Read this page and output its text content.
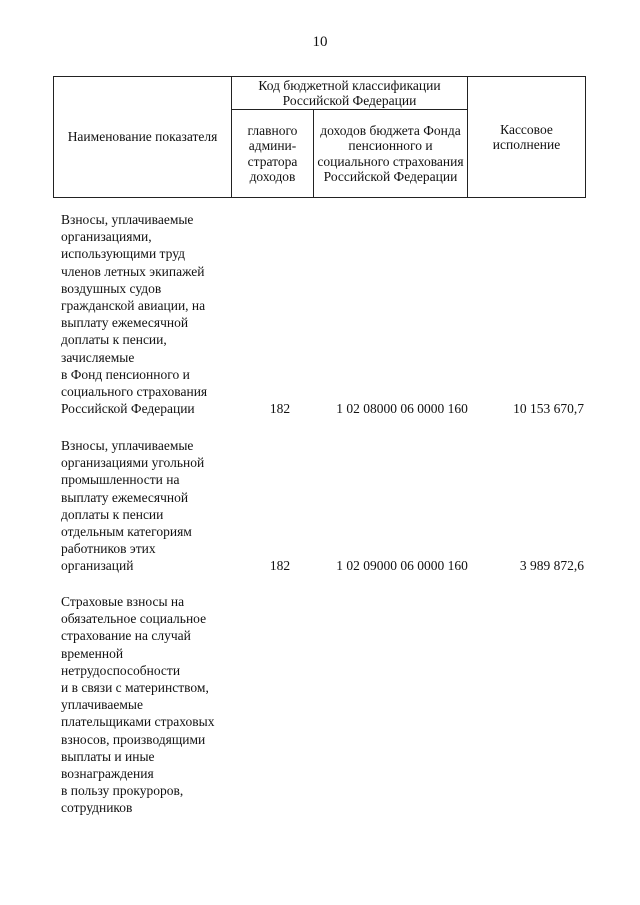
10
Наименование показателя	Код бюджетной классификации Российской Федерации		Кассовое исполнение
	главного админи-стратора доходов	доходов бюджета Фонда пенсионного и социального страхования Российской Федерации	
Взносы, уплачиваемые
организациями,
использующими труд
членов летных экипажей
воздушных судов
гражданской авиации, на
выплату ежемесячной
доплаты к пенсии,
зачисляемые
в Фонд пенсионного и
социального страхования
Российской Федерации	182	1 02 08000 06 0000 160	10 153 670,7
Взносы, уплачиваемые
организациями угольной
промышленности на
выплату ежемесячной
доплаты к пенсии
отдельным категориям
работников этих
организаций	182	1 02 09000 06 0000 160	3 989 872,6
Страховые взносы на
обязательное социальное
страхование на случай
временной
нетрудоспособности
и в связи с материнством,
уплачиваемые
плательщиками страховых
взносов, производящими
выплаты и иные
вознаграждения
в пользу прокуроров,
сотрудников
